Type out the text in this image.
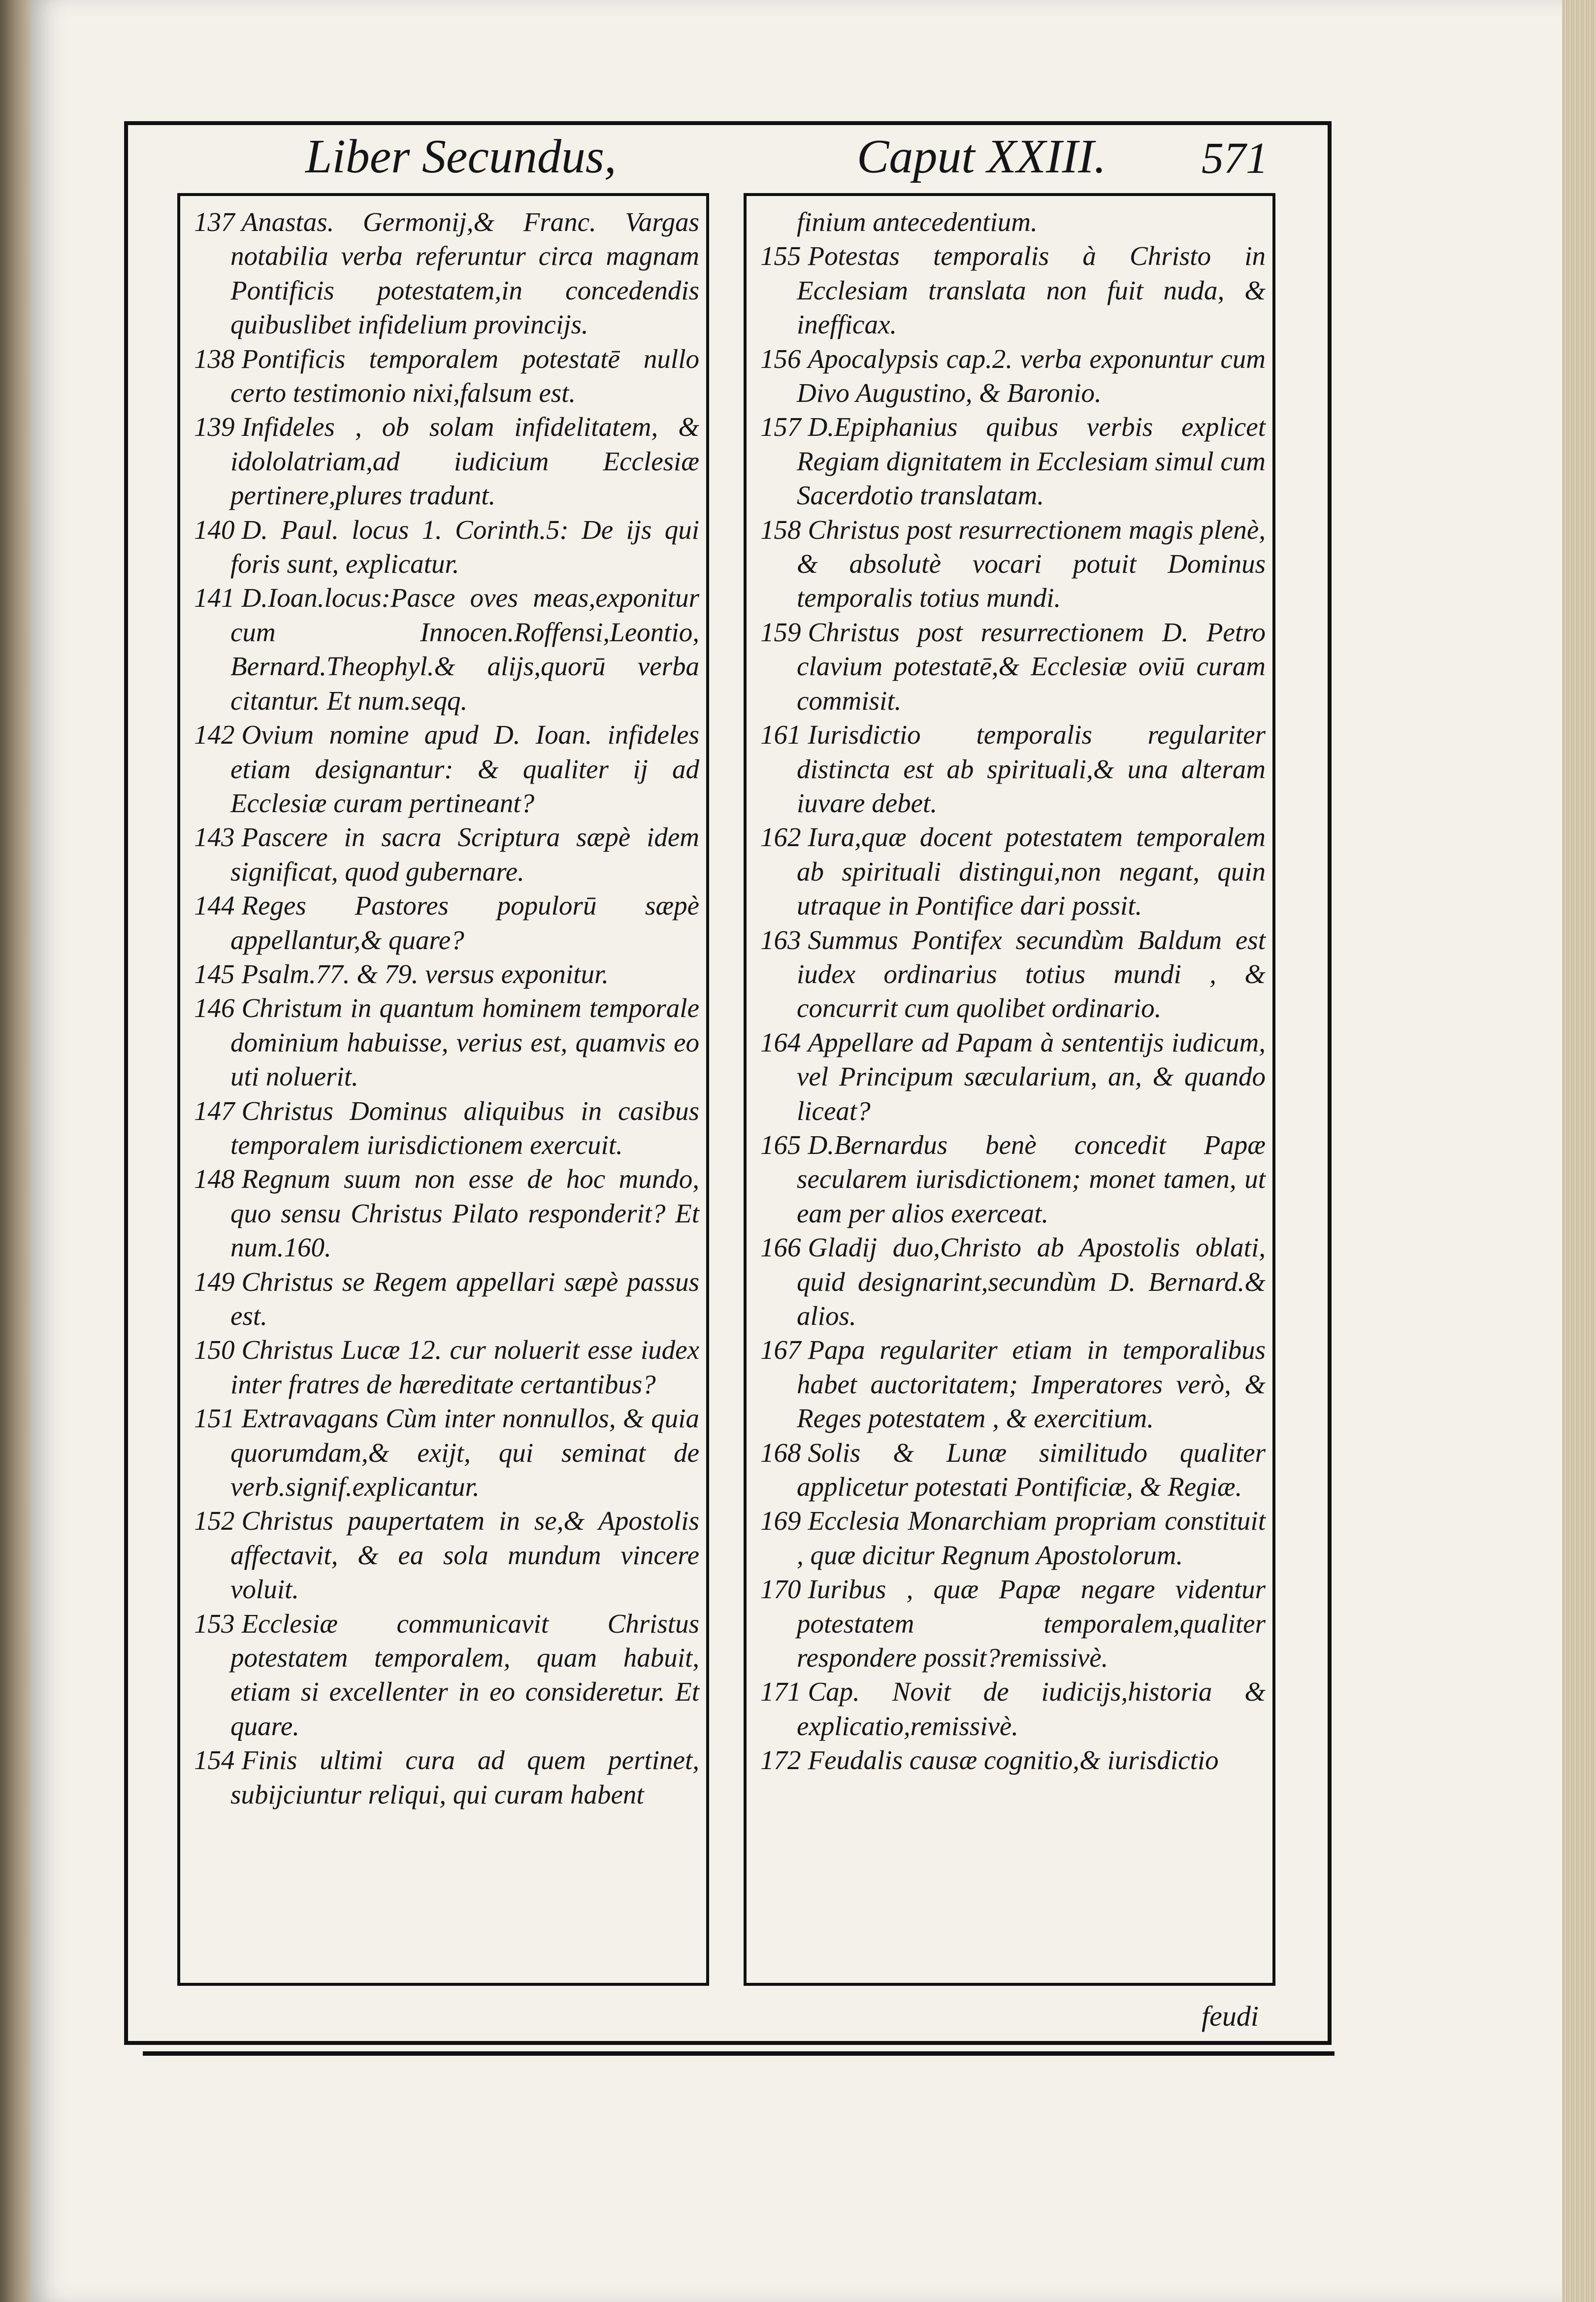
Liber Secundus,	Caput XXIII. 571
137 Anastas. Germonij,& Franc. Vargas notabilia verba referuntur circa magnam Pontificis potestatem,in concedendis quibuslibet infidelium provincijs.
138 Pontificis temporalem potestatē nullo certo testimonio nixi,falsum est.
139 Infideles , ob solam infidelitatem, & idololatriam,ad iudicium Ecclesiæ pertinere,plures tradunt.
140 D. Paul. locus 1. Corinth.5: De ijs qui foris sunt, explicatur.
141 D.Ioan.locus:Pasce oves meas,exponitur cum Innocen.Roffensi,Leontio, Bernard.Theophyl.& alijs,quorū verba citantur. Et num.seqq.
142 Ovium nomine apud D. Ioan. infideles etiam designantur: & qualiter ij ad Ecclesiæ curam pertineant?
143 Pascere in sacra Scriptura sæpè idem significat, quod gubernare.
144 Reges Pastores populorū sæpè appellantur,& quare?
145 Psalm.77. & 79. versus exponitur.
146 Christum in quantum hominem temporale dominium habuisse, verius est, quamvis eo uti noluerit.
147 Christus Dominus aliquibus in casibus temporalem iurisdictionem exercuit.
148 Regnum suum non esse de hoc mundo, quo sensu Christus Pilato responderit? Et num.160.
149 Christus se Regem appellari sæpè passus est.
150 Christus Lucæ 12. cur noluerit esse iudex inter fratres de hæreditate certantibus?
151 Extravagans Cùm inter nonnullos, & quia quorumdam,& exijt, qui seminat de verb.signif.explicantur.
152 Christus paupertatem in se,& Apostolis affectavit, & ea sola mundum vincere voluit.
153 Ecclesiæ communicavit Christus potestatem temporalem, quam habuit, etiam si excellenter in eo consideretur. Et quare.
154 Finis ultimi cura ad quem pertinet, subijciuntur reliqui, qui curam habent
finium antecedentium.
155 Potestas temporalis à Christo in Ecclesiam translata non fuit nuda, & inefficax.
156 Apocalypsis cap.2. verba exponuntur cum Divo Augustino, & Baronio.
157 D.Epiphanius quibus verbis explicet Regiam dignitatem in Ecclesiam simul cum Sacerdotio translatam.
158 Christus post resurrectionem magis plenè, & absolutè vocari potuit Dominus temporalis totius mundi.
159 Christus post resurrectionem D. Petro clavium potestatē,& Ecclesiæ oviū curam commisit.
161 Iurisdictio temporalis regulariter distincta est ab spirituali,& una alteram iuvare debet.
162 Iura,quæ docent potestatem temporalem ab spirituali distingui,non negant, quin utraque in Pontifice dari possit.
163 Summus Pontifex secundùm Baldum est iudex ordinarius totius mundi , & concurrit cum quolibet ordinario.
164 Appellare ad Papam à sententijs iudicum, vel Principum sæcularium, an, & quando liceat?
165 D.Bernardus benè concedit Papæ secularem iurisdictionem; monet tamen, ut eam per alios exerceat.
166 Gladij duo,Christo ab Apostolis oblati, quid designarint,secundùm D. Bernard.& alios.
167 Papa regulariter etiam in temporalibus habet auctoritatem; Imperatores verò, & Reges potestatem , & exercitium.
168 Solis & Lunæ similitudo qualiter applicetur potestati Pontificiæ, & Regiæ.
169 Ecclesia Monarchiam propriam constituit , quæ dicitur Regnum Apostolorum.
170 Iuribus , quæ Papæ negare videntur potestatem temporalem,qualiter respondere possit?remissivè.
171 Cap. Novit de iudicijs,historia & explicatio,remissivè.
172 Feudalis causæ cognitio,& iurisdictio
feudi
